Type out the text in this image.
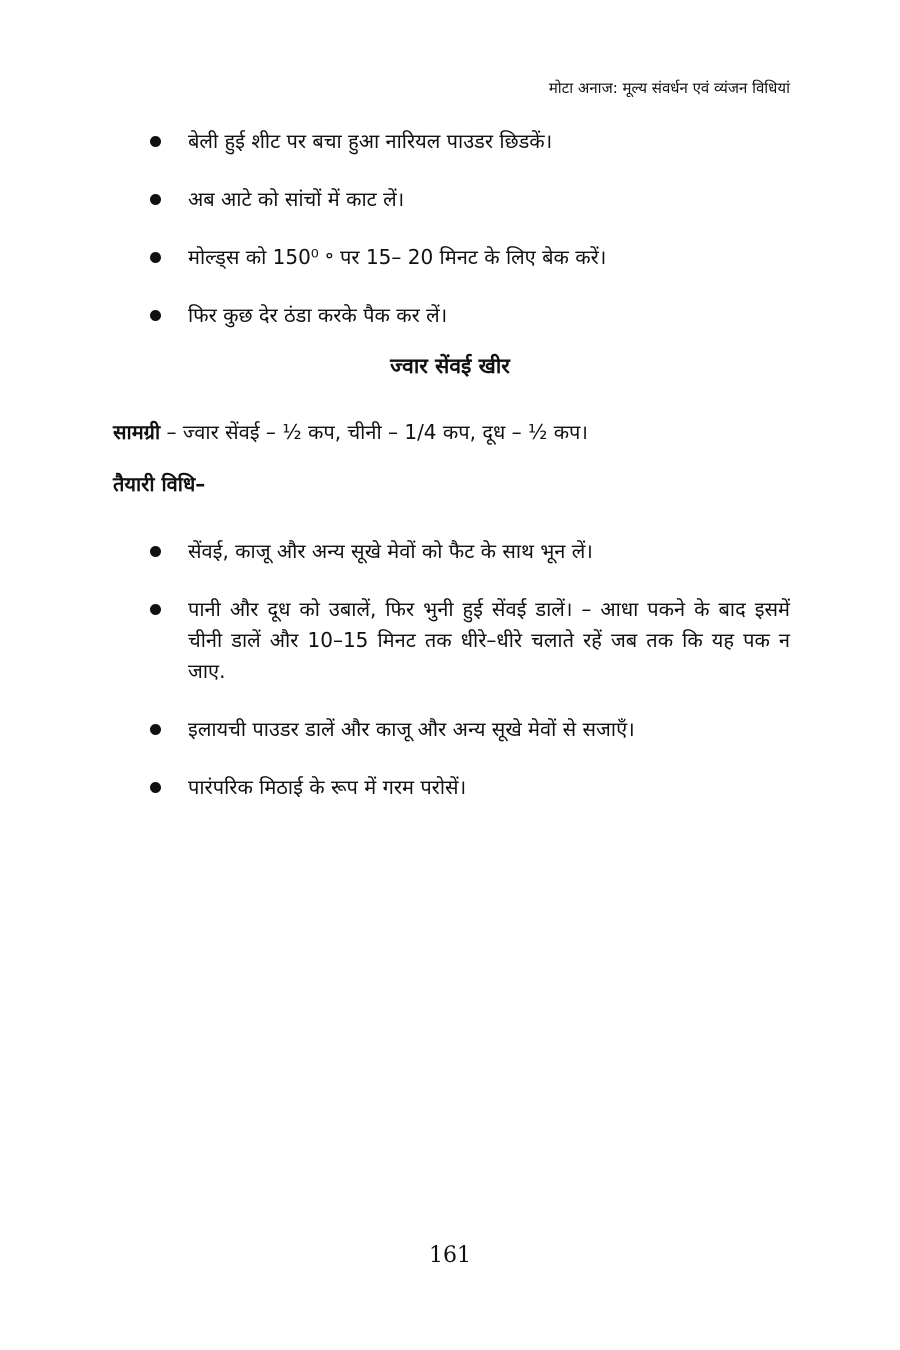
मोटा अनाज: मूल्य संवर्धन एवं व्यंजन विधियां
बेली हुई शीट पर बचा हुआ नारियल पाउडर छिडकें।
अब आटे को सांचों में काट लें।
मोल्ड्स को 150⁰ ॰ पर 15– 20 मिनट के लिए बेक करें।
फिर कुछ देर ठंडा करके पैक कर लें।
ज्वार सेंवई खीर
सामग्री – ज्वार सेंवई – ½ कप, चीनी – 1/4 कप, दूध – ½ कप।
तैयारी विधि–
सेंवई, काजू और अन्य सूखे मेवों को फैट के साथ भून लें।
पानी और दूध को उबालें, फिर भुनी हुई सेंवई डालें। – आधा पकने के बाद इसमें चीनी डालें और 10–15 मिनट तक धीरे–धीरे चलाते रहें जब तक कि यह पक न जाए.
इलायची पाउडर डालें और काजू और अन्य सूखे मेवों से सजाएँ।
पारंपरिक मिठाई के रूप में गरम परोसें।
161
